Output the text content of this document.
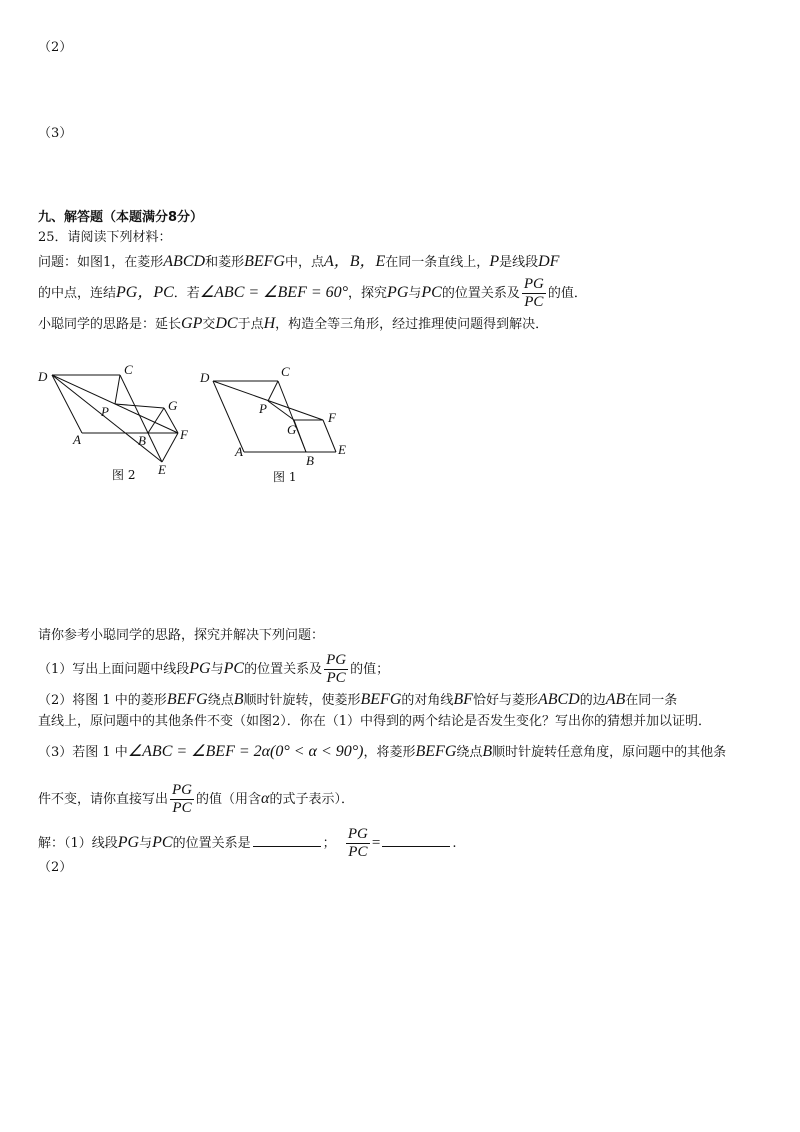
（2）
（3）
九、解答题（本题满分8分）
25．请阅读下列材料：
问题：如图1，在菱形ABCD和菱形BEFG中，点A，B，E在同一条直线上，P是线段DF
的中点，连结PG，PC．若∠ABC = ∠BEF = 60°，探究PG与PC的位置关系及 $\frac{PG}{PC}$ 的值．
小聪同学的思路是：延长GP交DC于点H，构造全等三角形，经过推理使问题得到解决．
D	C
P	G
A	B	F
E
图 2
D	C
P
F
G
A
B
E
图 1
请你参考小聪同学的思路，探究并解决下列问题：
（1）写出上面问题中线段PG与PC的位置关系及 $\frac{PG}{PC}$ 的值；
（2）将图 1 中的菱形BEFG绕点B顺时针旋转，使菱形BEFG的对角线BF恰好与菱形ABCD的边AB在同一条
直线上，原问题中的其他条件不变（如图2）．你在（1）中得到的两个结论是否发生变化？写出你的猜想并加以证明．
（3）若图 1 中∠ABC = ∠BEF = 2α(0° < α < 90°)，将菱形BEFG绕点B顺时针旋转任意角度，原问题中的其他条
件不变，请你直接写出 $\frac{PG}{PC}$ 的值（用含α的式子表示）．
解：（1）线段PG与PC的位置关系是	； $\frac{PG}{PC}$ =	.
（2）
